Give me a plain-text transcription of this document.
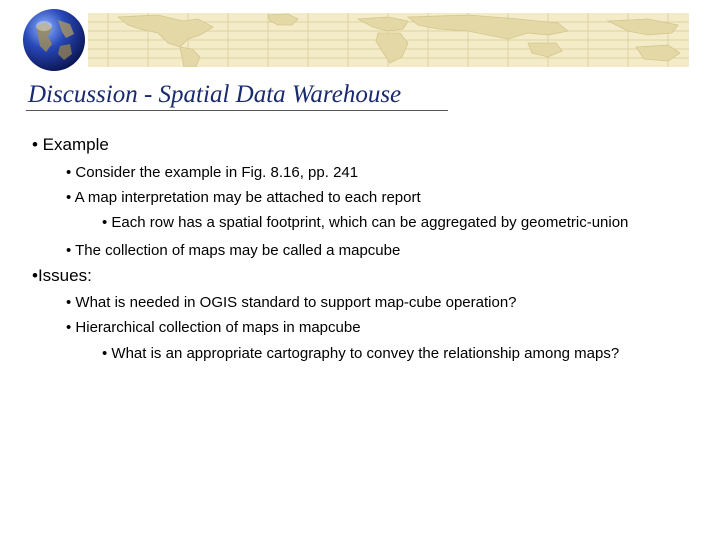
Discussion - Spatial Data Warehouse
• Example
• Consider the example in Fig. 8.16, pp. 241
• A map interpretation may be attached to each report
• Each row has a spatial footprint, which can be aggregated by geometric-union
• The collection of maps may be called a mapcube
•Issues:
• What is needed in OGIS standard to support map-cube operation?
• Hierarchical collection of maps in mapcube
• What is an appropriate cartography to convey the relationship among maps?
